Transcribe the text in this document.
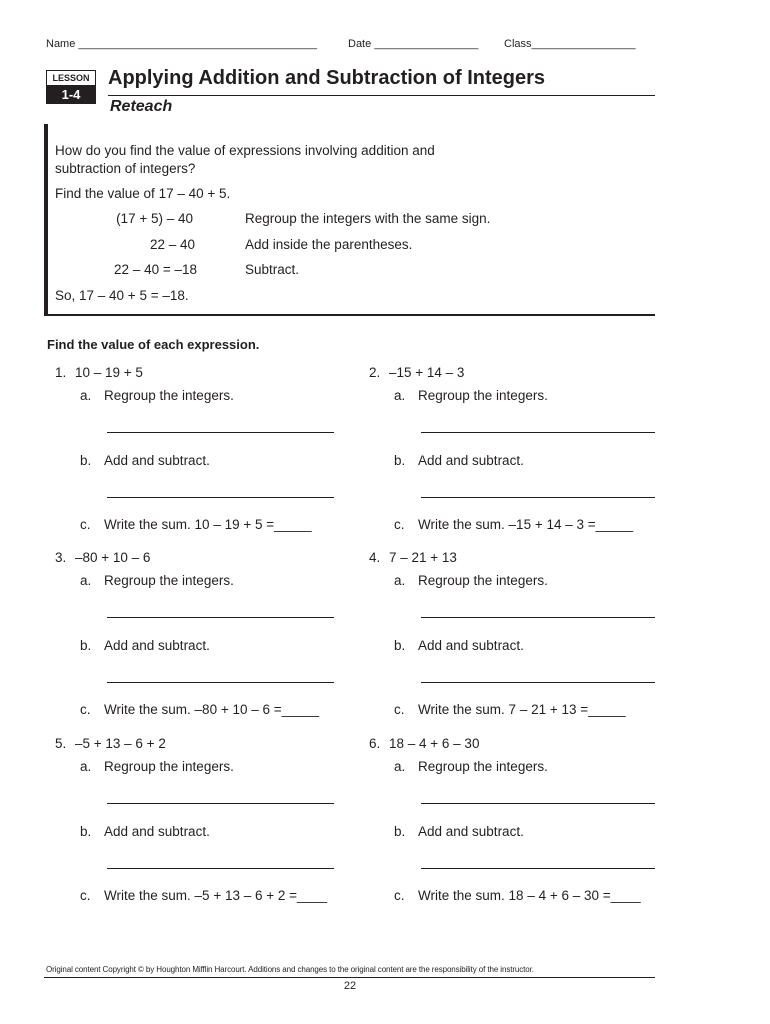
Name _______________________________________	Date _________________ Class_________________
LESSON
1-4
Applying Addition and Subtraction of Integers
Reteach
How do you find the value of expressions involving addition and
subtraction of integers?
Find the value of 17 – 40 + 5.
(17 + 5) – 40	Regroup the integers with the same sign.
22 – 40	Add inside the parentheses.
22 – 40 = –18	Subtract.
So, 17 – 40 + 5 = –18.
Find the value of each expression.
1. 10 – 19 + 5
a. Regroup the integers.
b. Add and subtract.
c. Write the sum. 10 – 19 + 5 =_____
2. –15 + 14 – 3
a. Regroup the integers.
b. Add and subtract.
c. Write the sum. –15 + 14 – 3 =_____
3. –80 + 10 – 6
a. Regroup the integers.
b. Add and subtract.
c. Write the sum. –80 + 10 – 6 =_____
4. 7 – 21 + 13
a. Regroup the integers.
b. Add and subtract.
c. Write the sum. 7 – 21 + 13 =_____
5. –5 + 13 – 6 + 2
a. Regroup the integers.
b. Add and subtract.
c. Write the sum. –5 + 13 – 6 + 2 =____
6. 18 – 4 + 6 – 30
a. Regroup the integers.
b. Add and subtract.
c. Write the sum. 18 – 4 + 6 – 30 =____
Original content Copyright © by Houghton Mifflin Harcourt. Additions and changes to the original content are the responsibility of the instructor.
22
